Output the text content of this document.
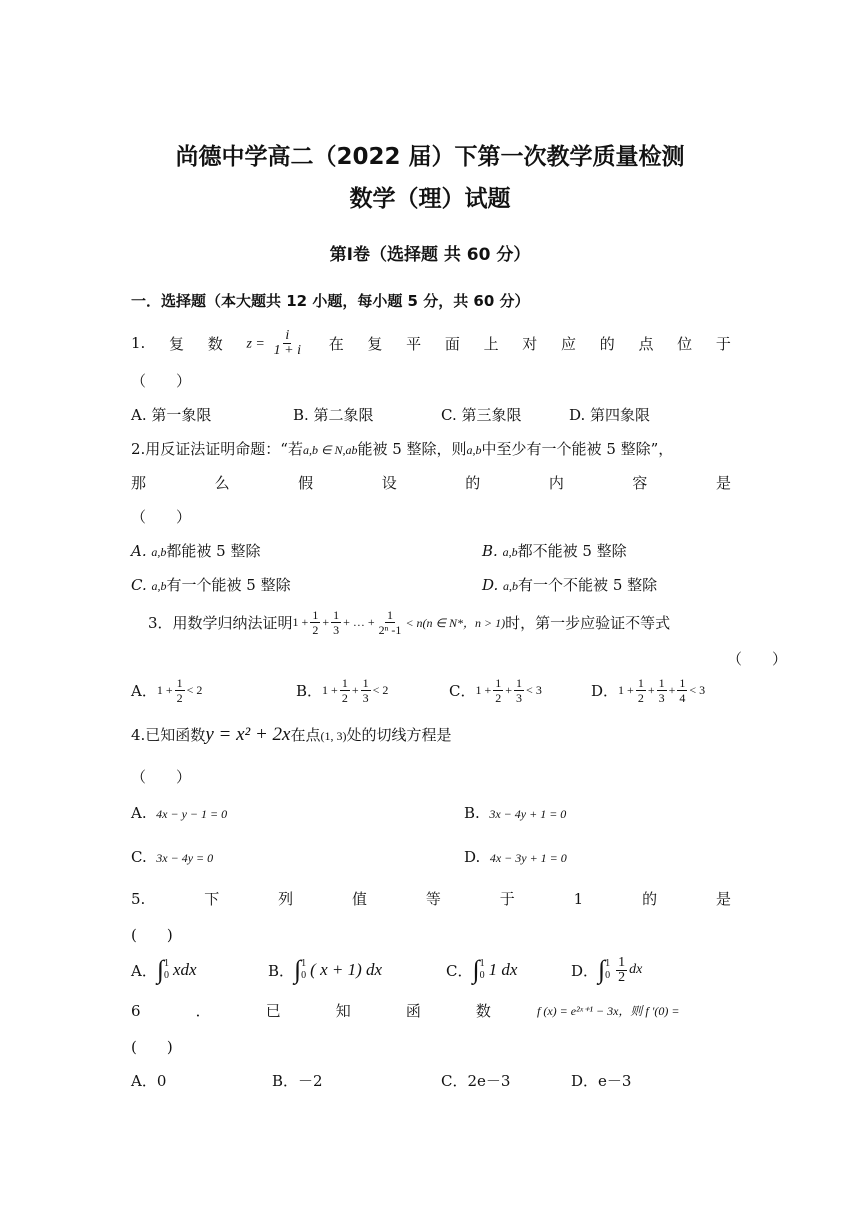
尚德中学高二（2022 届）下第一次教学质量检测
数学（理）试题
第Ⅰ卷（选择题 共 60 分）
一．选择题（本大题共 12 小题，每小题 5 分，共 60 分）
1. 复 数 $z = \frac{i}{1 + i}$ 在 复 平 面 上 对 应 的 点 位 于
（　　）
A. 第一象限	B. 第二象限	C. 第三象限	D. 第四象限
2.用反证法证明命题：“若a,b ∈ N,ab能被 5 整除，则a,b中至少有一个能被 5 整除”，
那	么	假	设	的	内	容	是
（　　）
A. a,b都能被 5 整除	B. a,b都不能被 5 整除
C. a,b有一个能被 5 整除	D. a,b有一个不能被 5 整除
3．用数学归纳法证明 $1 + \frac{1}{2} + \frac{1}{3}$ + … + $\frac{1}{\text{2ⁿ -1}} < n(n$ ∈ N*，n > 1) 时，第一步应验证不等式
（　　）
A． $1 + \frac{1}{2} < 2$	B． $1 + \frac{1}{2} + \frac{1}{3} < 2$	C． $1 + \frac{1}{2} + \frac{1}{3} < 3$	D． $1 + \frac{1}{2} + \frac{1}{3} + \frac{1}{4} < 3$
4.已知函数 y = x² + 2x 在点 (1, 3) 处的切线方程是
（　　）
A. 4x − y − 1 = 0	B. 3x − 4y + 1 = 0
C. 3x − 4y = 0	D. 4x − 3y + 1 = 0
5.	下	列	值	等	于	1	的	是
(　　)
A． ∫ 1
0 xdx	B． ∫ 1
0 ( x + 1) dx	C． ∫ 1
0 1 dx	D． ∫ 1
$0 \frac{1}{2}$ dx
6	．	已	知	函	数	f (x) = e²ˣ⁺¹ − 3x，则 f ′(0) =
(　　)
A．0	B．－2	C．2e－3	D．e－3
